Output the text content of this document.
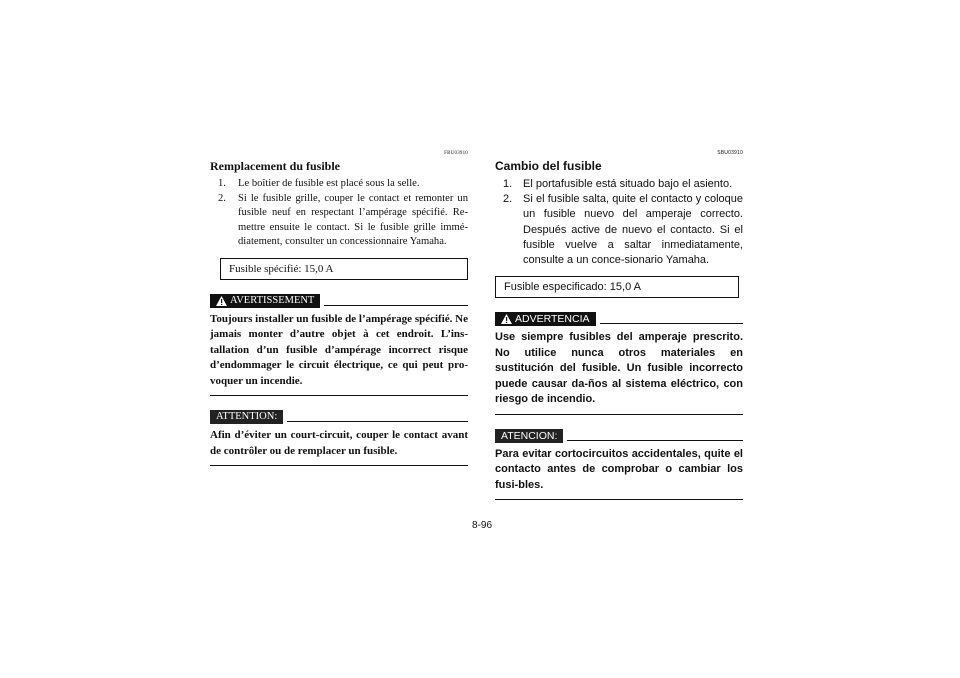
FBU03910
Remplacement du fusible
1.	Le boîtier de fusible est placé sous la selle.
2.	Si le fusible grille, couper le contact et remonter un fusible neuf en respectant l’ampérage spécifié. Re-mettre ensuite le contact. Si le fusible grille immé-diatement, consulter un concessionnaire Yamaha.
Fusible spécifié: 15,0 A
AVERTISSEMENT
Toujours installer un fusible de l’ampérage spécifié. Ne jamais monter d’autre objet à cet endroit. L’ins-tallation d’un fusible d’ampérage incorrect risque d’endommager le circuit électrique, ce qui peut pro-voquer un incendie.
ATTENTION:
Afin d’éviter un court-circuit, couper le contact avant de contrôler ou de remplacer un fusible.
SBU03910
Cambio del fusible
1. El portafusible está situado bajo el asiento.
2. Si el fusible salta, quite el contacto y coloque un fusible nuevo del amperaje correcto. Después active de nuevo el contacto. Si el fusible vuelve a saltar inmediatamente, consulte a un conce-sionario Yamaha.
Fusible especificado: 15,0 A
ADVERTENCIA
Use siempre fusibles del amperaje prescrito. No utilice nunca otros materiales en sustitución del fusible. Un fusible incorrecto puede causar da-ños al sistema eléctrico, con riesgo de incendio.
ATENCION:
Para evitar cortocircuitos accidentales, quite el contacto antes de comprobar o cambiar los fusi-bles.
8-96
